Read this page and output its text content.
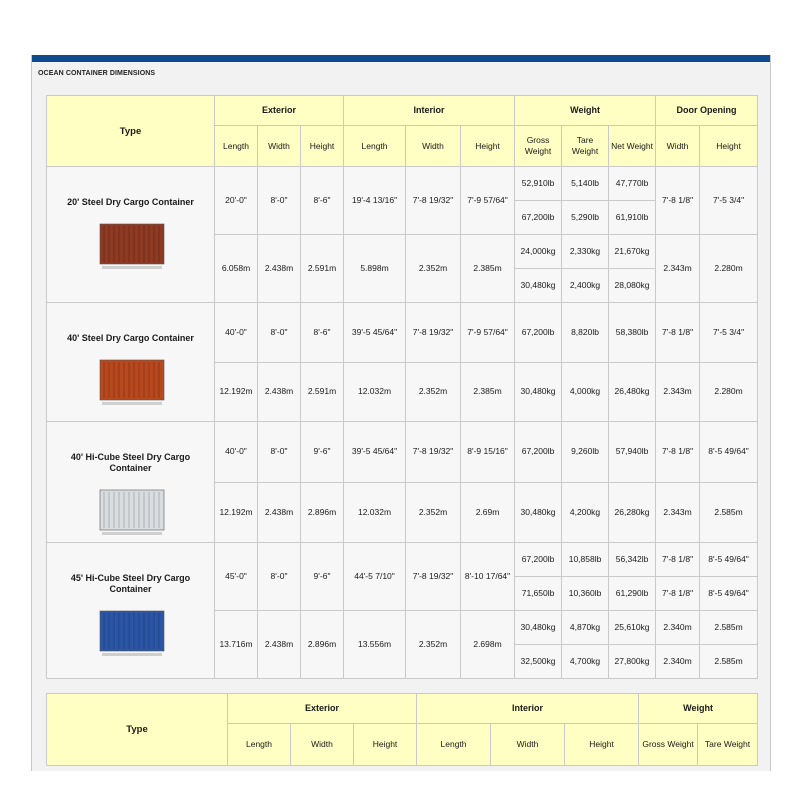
OCEAN CONTAINER DIMENSIONS
Type	Exterior			Interior			Weight			Door Opening	
	Length	Width	Height	Length	Width	Height	Gross Weight	Tare Weight	Net Weight	Width	Height

20' Steel Dry Cargo Container	20'-0"	8'-0"	8'-6"	19'-4 13/16"	7'-8 19/32"	7'-9 57/64"	52,910lb	5,140lb	47,770lb	7'-8 1/8"	7'-5 3/4"
							67,200lb	5,290lb	61,910lb		
	6.058m	2.438m	2.591m	5.898m	2.352m	2.385m	24,000kg	2,330kg	21,670kg	2.343m	2.280m
							30,480kg	2,400kg	28,080kg		

40' Steel Dry Cargo Container	40'-0"	8'-0"	8'-6"	39'-5 45/64"	7'-8 19/32"	7'-9 57/64"	67,200lb	8,820lb	58,380lb	7'-8 1/8"	7'-5 3/4"
	12.192m	2.438m	2.591m	12.032m	2.352m	2.385m	30,480kg	4,000kg	26,480kg	2.343m	2.280m

40' Hi-Cube Steel Dry Cargo Container	40'-0"	8'-0"	9'-6"	39'-5 45/64"	7'-8 19/32"	8'-9 15/16"	67,200lb	9,260lb	57,940lb	7'-8 1/8"	8'-5 49/64"
	12.192m	2.438m	2.896m	12.032m	2.352m	2.69m	30,480kg	4,200kg	26,280kg	2.343m	2.585m

45' Hi-Cube Steel Dry Cargo Container	45'-0"	8'-0"	9'-6"	44'-5 7/10"	7'-8 19/32"	8'-10 17/64"	67,200lb	10,858lb	56,342lb	7'-8 1/8"	8'-5 49/64"
							71,650lb	10,360lb	61,290lb	7'-8 1/8"	8'-5 49/64"
	13.716m	2.438m	2.896m	13.556m	2.352m	2.698m	30,480kg	4,870kg	25,610kg	2.340m	2.585m
							32,500kg	4,700kg	27,800kg	2.340m	2.585m
Type	Exterior			Interior			Weight	
	Length	Width	Height	Length	Width	Height	Gross Weight	Tare Weight
